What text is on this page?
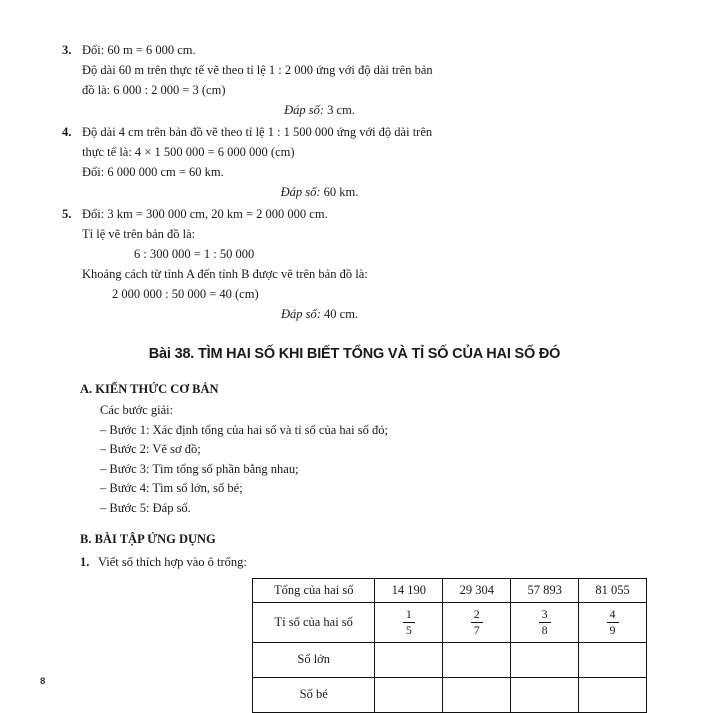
3. Đổi: 60 m = 6 000 cm.
Độ dài 60 m trên thực tế vẽ theo tỉ lệ 1 : 2 000 ứng với độ dài trên bản
đồ là: 6 000 : 2 000 = 3 (cm)
Đáp số: 3 cm.
4. Độ dài 4 cm trên bản đồ vẽ theo tỉ lệ 1 : 1 500 000 ứng với độ dài trên
thực tế là: 4 × 1 500 000 = 6 000 000 (cm)
Đổi: 6 000 000 cm = 60 km.
Đáp số: 60 km.
5. Đổi: 3 km = 300 000 cm, 20 km = 2 000 000 cm.
Tỉ lệ vẽ trên bản đồ là:
6 : 300 000 = 1 : 50 000
Khoảng cách từ tỉnh A đến tỉnh B được vẽ trên bản đồ là:
2 000 000 : 50 000 = 40 (cm)
Đáp số: 40 cm.
Bài 38. TÌM HAI SỐ KHI BIẾT TỔNG VÀ TỈ SỐ CỦA HAI SỐ ĐÓ
A. KIẾN THỨC CƠ BẢN
Các bước giải:
– Bước 1: Xác định tổng của hai số và tỉ số của hai số đó;
– Bước 2: Vẽ sơ đồ;
– Bước 3: Tìm tổng số phần bằng nhau;
– Bước 4: Tìm số lớn, số bé;
– Bước 5: Đáp số.
B. BÀI TẬP ỨNG DỤNG
1. Viết số thích hợp vào ô trống:
Tổng của hai số	14 190	29 304	57 893	81 055
Tỉ số của hai số	$\frac{1}{5}$	$\frac{2}{7}$	$\frac{3}{8}$	$\frac{4}{9}$

Số lớn				
Số bé				
8
